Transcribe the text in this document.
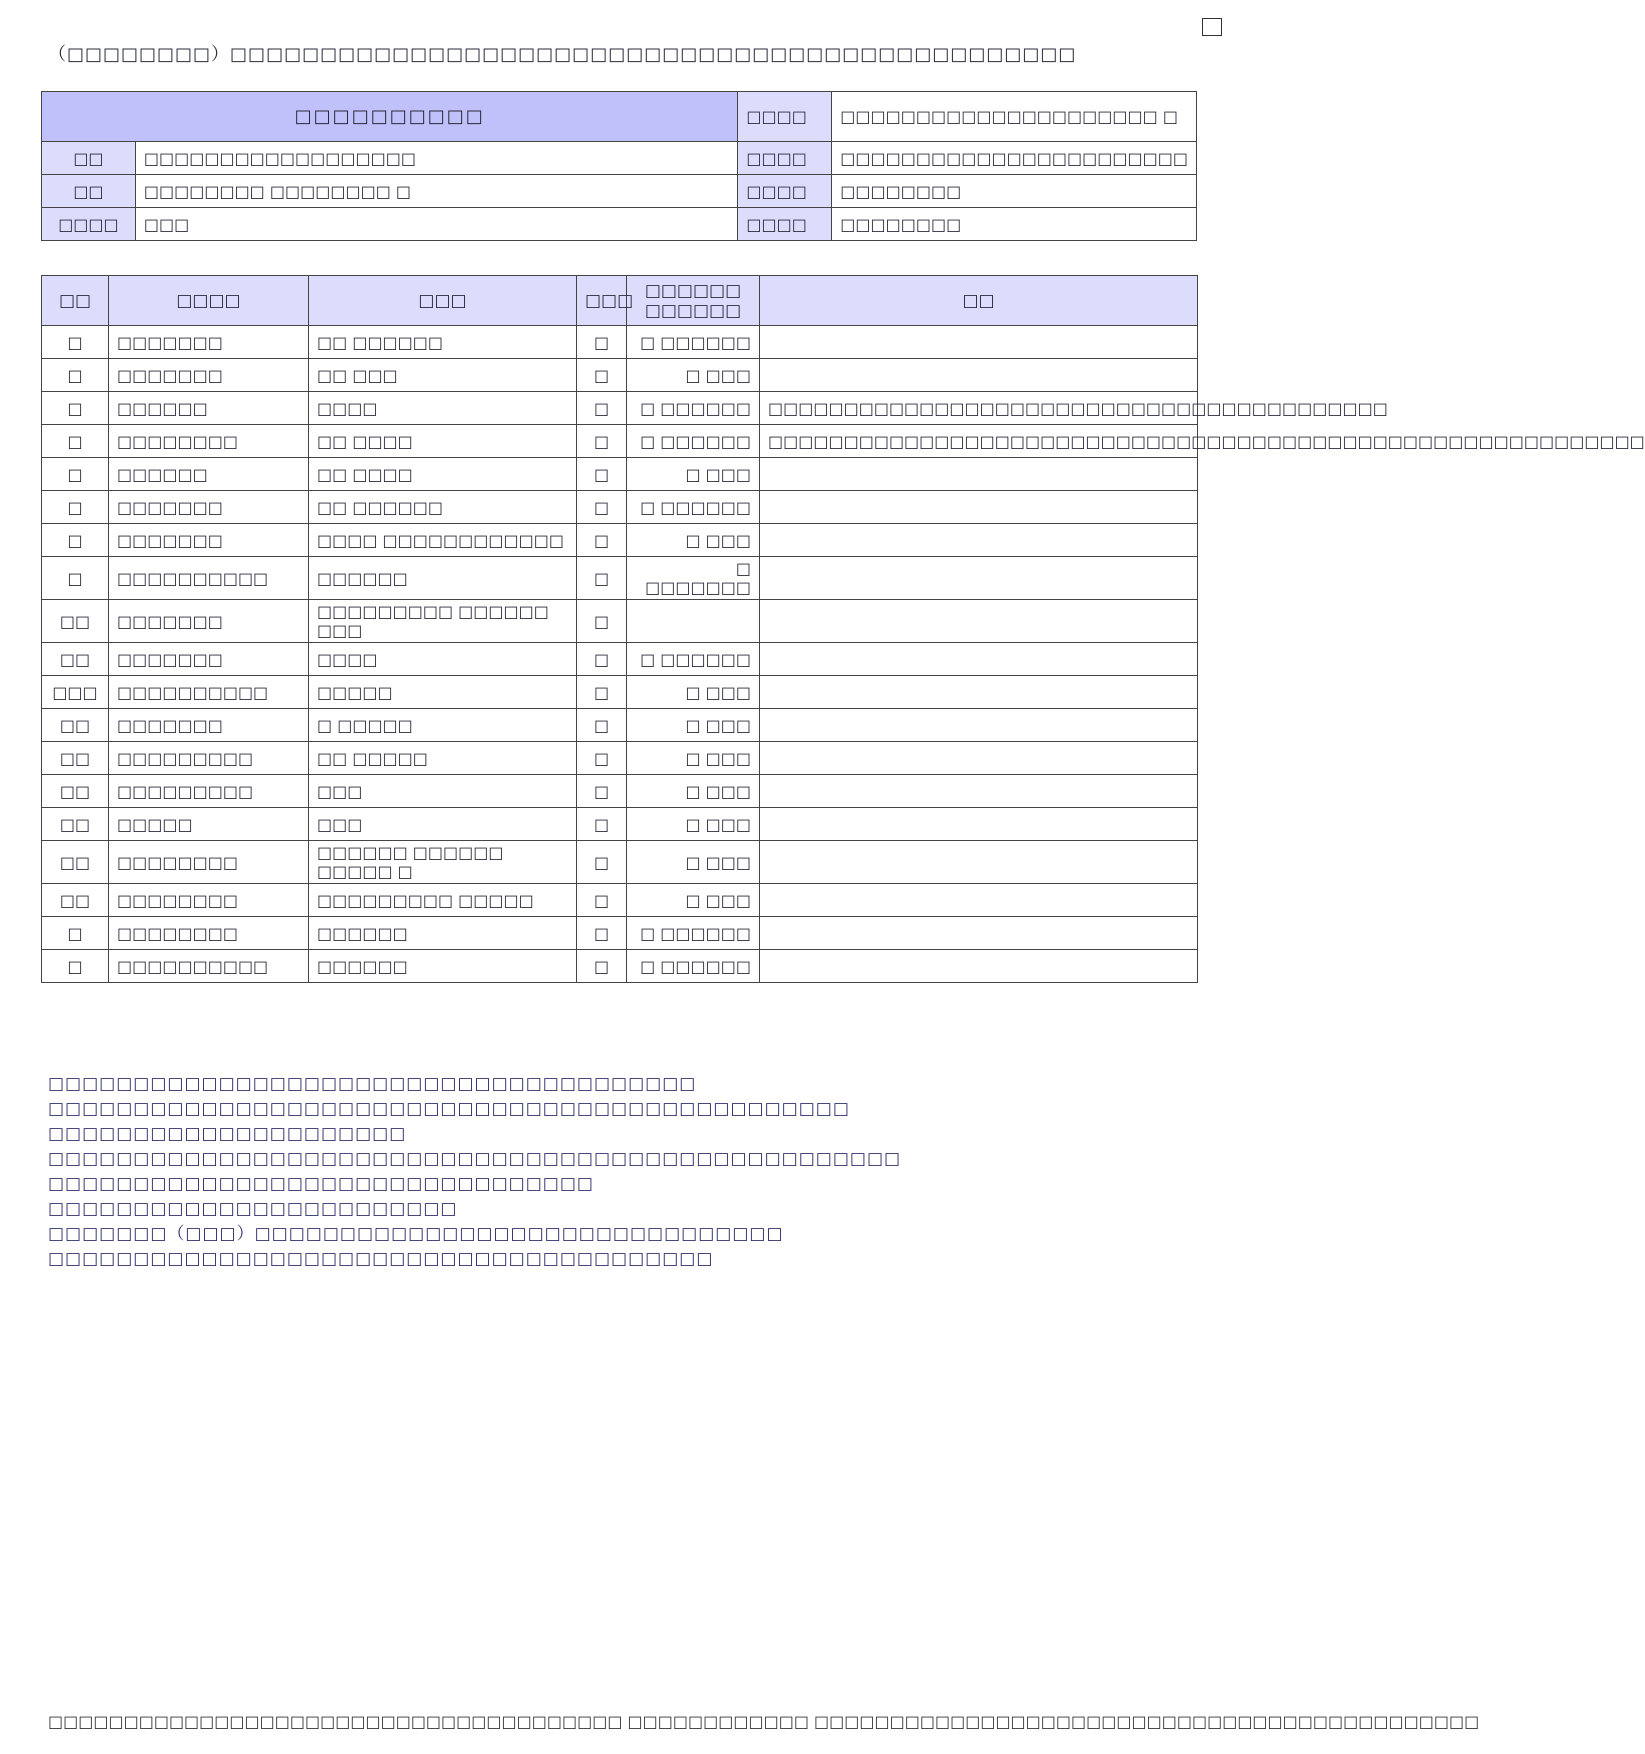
（□□□□□□□□）□□□□□□□□□□□□□□□□□□□□□□□□□□□□□□□□□□□□□□□□□□□□□□□
□□□□□□□□□□		□□□□	□□□□□□□□□□□□□□□□□□□□□ □
□□	□□□□□□□□□□□□□□□□□□	□□□□	□□□□□□□□□□□□□□□□□□□□□□□
□□	□□□□□□□□ □□□□□□□□ □	□□□□	□□□□□□□□
□□□□	□□□	□□□□	□□□□□□□□
□□	□□□□	□□□	□□□	□□□□□□ □□□□□□	□□
□	□□□□□□□	□□ □□□□□□	□	□ □□□□□□	
□	□□□□□□□	□□ □□□	□	□ □□□	
□	□□□□□□	□□□□	□	□ □□□□□□	□□□□□□□□□□□□□□□□□□□□□□□□□□□□□□□□□□□□□□□□□
□	□□□□□□□□	□□ □□□□	□	□ □□□□□□	□□□□□□□□□□□□□□□□□□□□□□□□□□□□□□□□□□□□□□□□□□□□□□□□□□□□□□□□□□
□	□□□□□□	□□ □□□□	□	□ □□□	
□	□□□□□□□	□□ □□□□□□	□	□ □□□□□□	
□	□□□□□□□	□□□□ □□□□□□□□□□□□	□	□ □□□	
□	□□□□□□□□□□	□□□□□□	□	□ □□□□□□□	
□□	□□□□□□□	□□□□□□□□□ □□□□□□ □□□	□		
□□	□□□□□□□	□□□□	□	□ □□□□□□	
□□□	□□□□□□□□□□	□□□□□	□	□ □□□	
□□	□□□□□□□	□ □□□□□	□	□ □□□	
□□	□□□□□□□□□	□□ □□□□□	□	□ □□□	
□□	□□□□□□□□□	□□□	□	□ □□□	
□□	□□□□□	□□□	□	□ □□□	
□□	□□□□□□□□	□□□□□□ □□□□□□ □□□□□ □	□	□ □□□	
□□	□□□□□□□□	□□□□□□□□□ □□□□□	□	□ □□□	
□	□□□□□□□□	□□□□□□	□	□ □□□□□□	
□	□□□□□□□□□□	□□□□□□	□	□ □□□□□□	
□□□□□□□□□□□□□□□□□□□□□□□□□□□□□□□□□□□□□□
□□□□□□□□□□□□□□□□□□□□□□□□□□□□□□□□□□□□□□□□□□□□□□□
□□□□□□□□□□□□□□□□□□□□□
□□□□□□□□□□□□□□□□□□□□□□□□□□□□□□□□□□□□□□□□□□□□□□□□□□
□□□□□□□□□□□□□□□□□□□□□□□□□□□□□□□□
□□□□□□□□□□□□□□□□□□□□□□□□
□□□□□□□（□□□）□□□□□□□□□□□□□□□□□□□□□□□□□□□□□□□
□□□□□□□□□□□□□□□□□□□□□□□□□□□□□□□□□□□□□□□
□□□□□□□□□□□□□□□□□□□□□□□□□□□□□□□□□□□□□□ □□□□□□□□□□□□ □□□□□□□□□□□□□□□□□□□□□□□□□□□□□□□□□□□□□□□□□□□□
